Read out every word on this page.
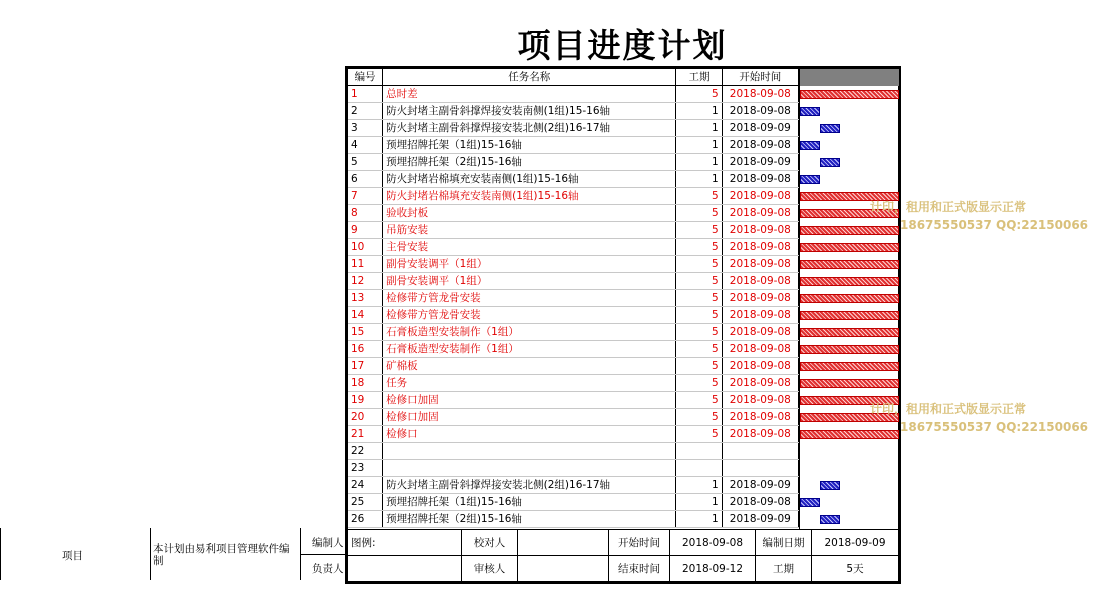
项目进度计划
编号	任务名称	工期	开始时间
1	总时差	5	2018-09-08
2	防火封堵主副骨斜撑焊接安装南侧(1组)15-16轴	1	2018-09-08
3	防火封堵主副骨斜撑焊接安装北侧(2组)16-17轴	1	2018-09-09
4	预埋招牌托架（1组)15-16轴	1	2018-09-08
5	预埋招牌托架（2组)15-16轴	1	2018-09-09
6	防火封堵岩棉填充安装南侧(1组)15-16轴	1	2018-09-08
7	防火封堵岩棉填充安装南侧(1组)15-16轴	5	2018-09-08
8	验收封板	5	2018-09-08
9	吊筋安装	5	2018-09-08
10	主骨安装	5	2018-09-08
11	副骨安装调平（1组）	5	2018-09-08
12	副骨安装调平（1组）	5	2018-09-08
13	检修带方管龙骨安装	5	2018-09-08
14	检修带方管龙骨安装	5	2018-09-08
15	石膏板造型安装制作（1组）	5	2018-09-08
16	石膏板造型安装制作（1组）	5	2018-09-08
17	矿棉板	5	2018-09-08
18	任务	5	2018-09-08
19	检修口加固	5	2018-09-08
20	检修口加固	5	2018-09-08
21	检修口	5	2018-09-08
22			
23			
24	防火封堵主副骨斜撑焊接安装北侧(2组)16-17轴	1	2018-09-09
25	预埋招牌托架（1组)15-16轴	1	2018-09-08
26	预埋招牌托架（2组)15-16轴	1	2018-09-09
图例:	校对人		开始时间	2018-09-08	编制日期	2018-09-09
	审核人		结束时间	2018-09-12	工期	5天
项目
本计划由易利项目管理软件编制
编制人
负责人
计印，租用和正式版显示正常
18675550537 QQ:22150066
计印，租用和正式版显示正常
18675550537 QQ:22150066
